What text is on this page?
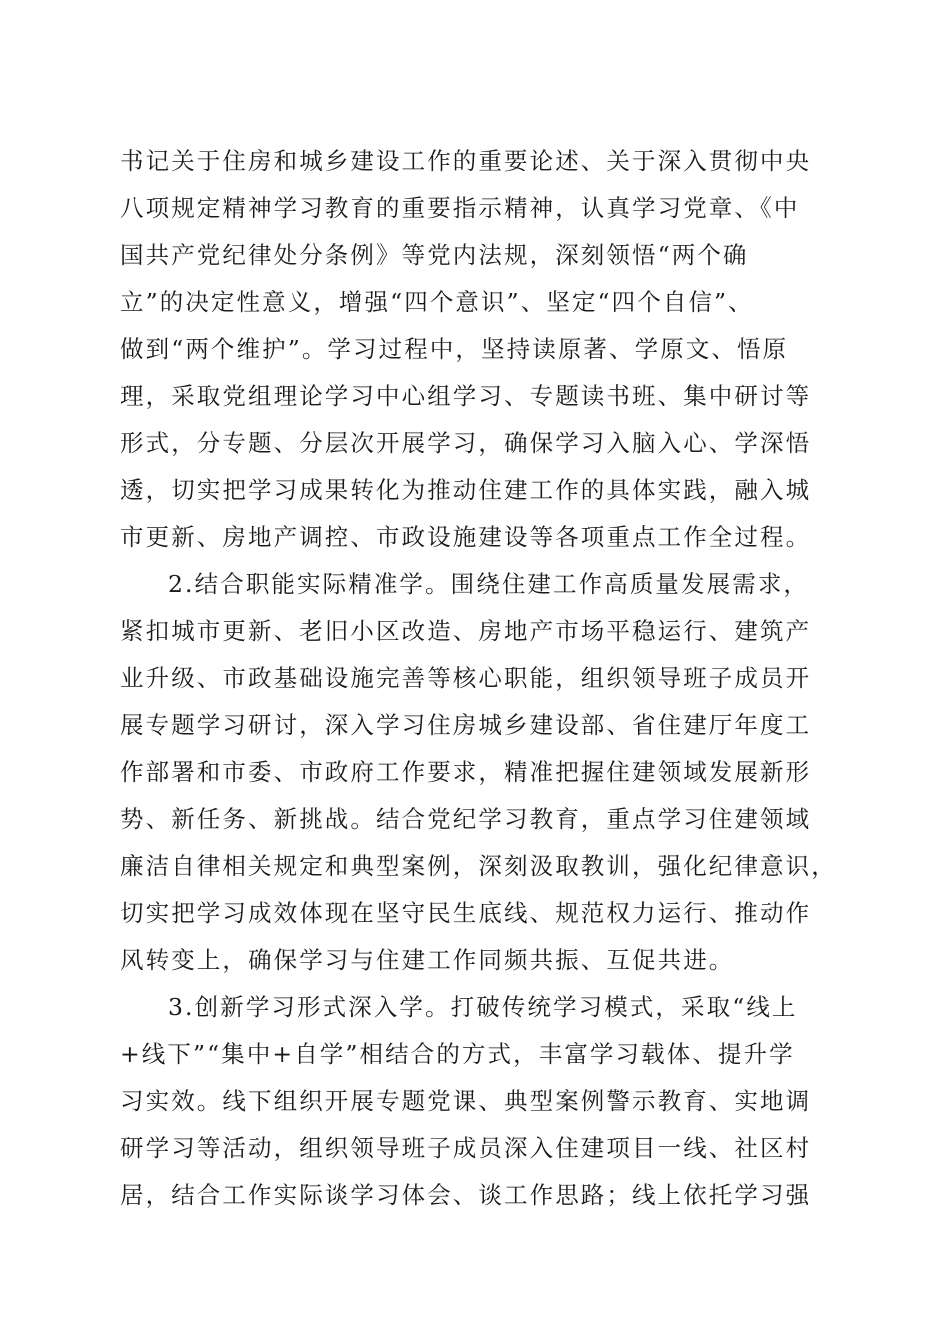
书记关于住房和城乡建设工作的重要论述、关于深入贯彻中央
八项规定精神学习教育的重要指示精神，认真学习党章、《中
国共产党纪律处分条例》等党内法规，深刻领悟“两个确
立”的决定性意义，增强“四个意识”、坚定“四个自信”、
做到“两个维护”。学习过程中，坚持读原著、学原文、悟原
理，采取党组理论学习中心组学习、专题读书班、集中研讨等
形式，分专题、分层次开展学习，确保学习入脑入心、学深悟
透，切实把学习成果转化为推动住建工作的具体实践，融入城
市更新、房地产调控、市政设施建设等各项重点工作全过程。
2.结合职能实际精准学。围绕住建工作高质量发展需求，
紧扣城市更新、老旧小区改造、房地产市场平稳运行、建筑产
业升级、市政基础设施完善等核心职能，组织领导班子成员开
展专题学习研讨，深入学习住房城乡建设部、省住建厅年度工
作部署和市委、市政府工作要求，精准把握住建领域发展新形
势、新任务、新挑战。结合党纪学习教育，重点学习住建领域
廉洁自律相关规定和典型案例，深刻汲取教训，强化纪律意识，
切实把学习成效体现在坚守民生底线、规范权力运行、推动作
风转变上，确保学习与住建工作同频共振、互促共进。
3.创新学习形式深入学。打破传统学习模式，采取“线上
+线下”“集中+自学”相结合的方式，丰富学习载体、提升学
习实效。线下组织开展专题党课、典型案例警示教育、实地调
研学习等活动，组织领导班子成员深入住建项目一线、社区村
居，结合工作实际谈学习体会、谈工作思路；线上依托学习强
